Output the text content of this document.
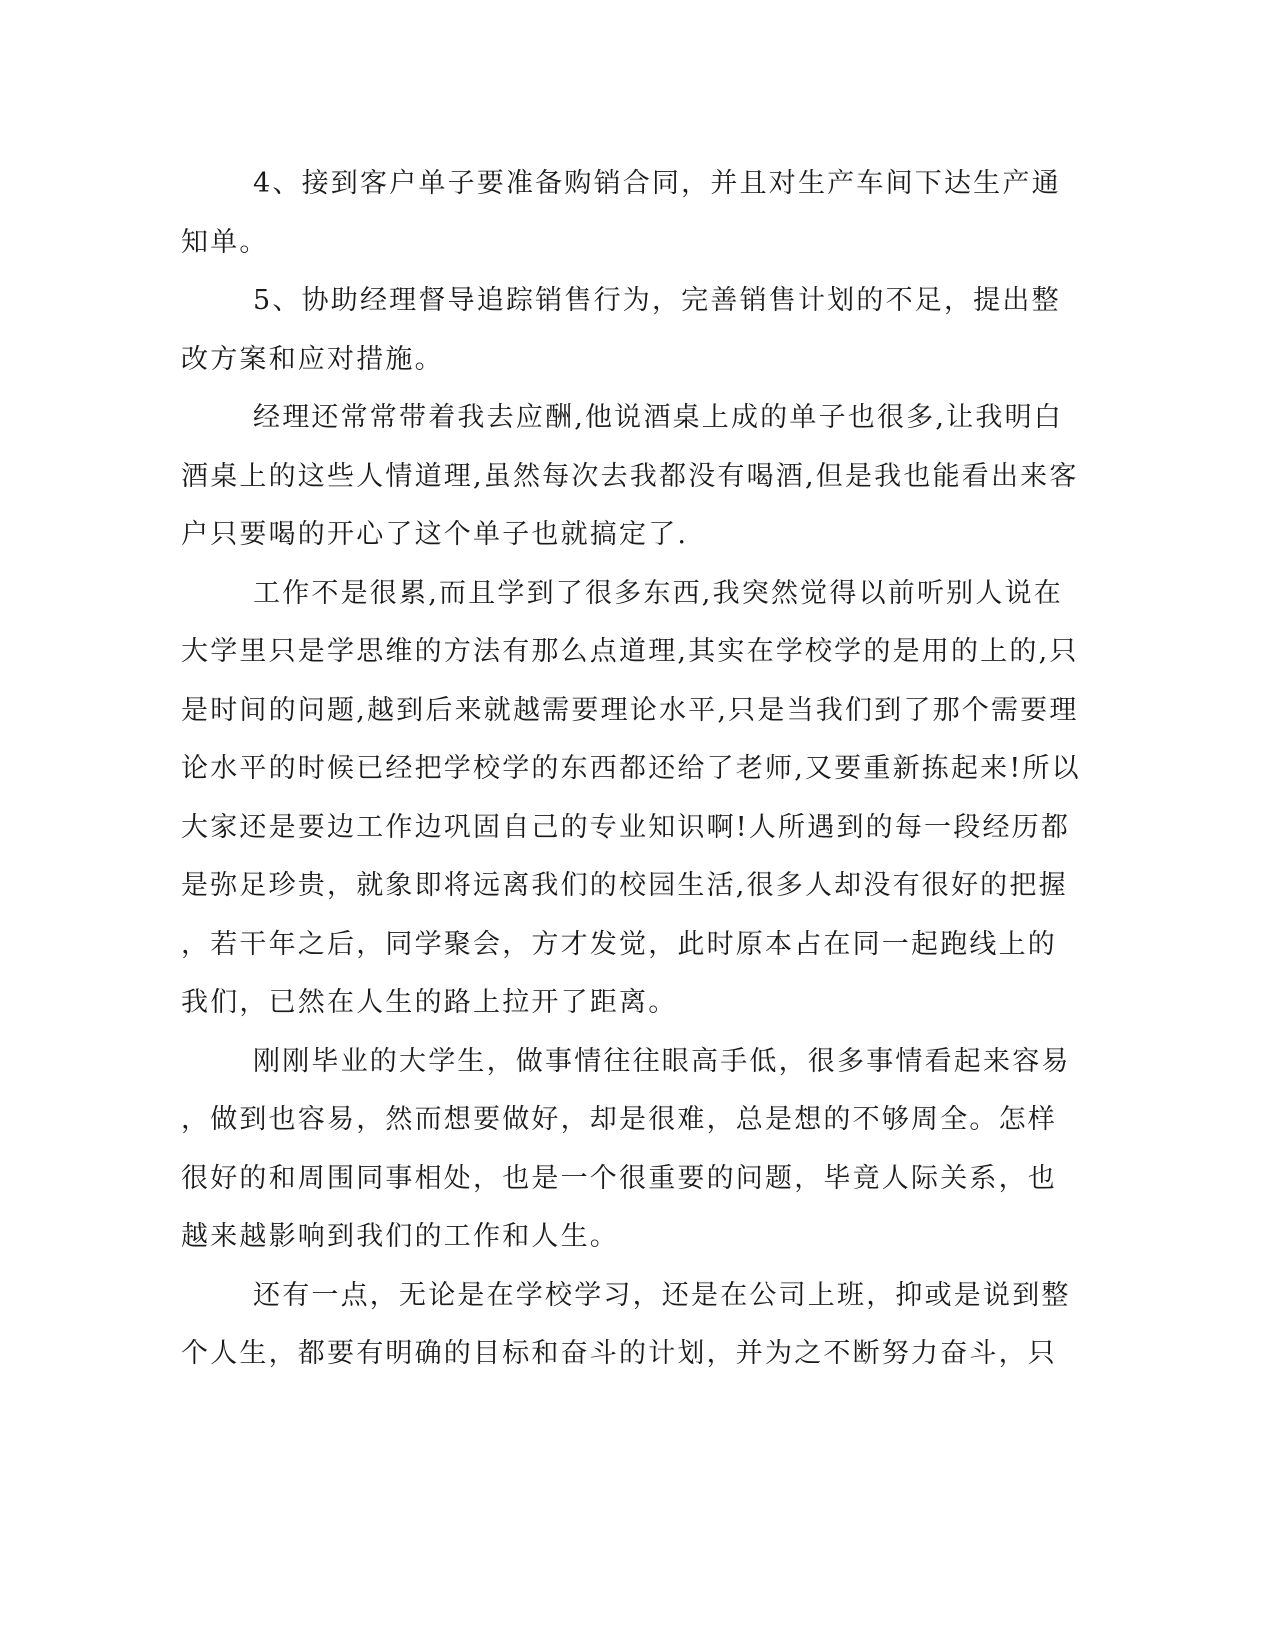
4、接到客户单子要准备购销合同，并且对生产车间下达生产通
知单。
5、协助经理督导追踪销售行为，完善销售计划的不足，提出整
改方案和应对措施。
经理还常常带着我去应酬,他说酒桌上成的单子也很多,让我明白
酒桌上的这些人情道理,虽然每次去我都没有喝酒,但是我也能看出来客
户只要喝的开心了这个单子也就搞定了.
工作不是很累,而且学到了很多东西,我突然觉得以前听别人说在
大学里只是学思维的方法有那么点道理,其实在学校学的是用的上的,只
是时间的问题,越到后来就越需要理论水平,只是当我们到了那个需要理
论水平的时候已经把学校学的东西都还给了老师,又要重新拣起来!所以
大家还是要边工作边巩固自己的专业知识啊!人所遇到的每一段经历都
是弥足珍贵，就象即将远离我们的校园生活,很多人却没有很好的把握
，若干年之后，同学聚会，方才发觉，此时原本占在同一起跑线上的
我们，已然在人生的路上拉开了距离。
刚刚毕业的大学生，做事情往往眼高手低，很多事情看起来容易
，做到也容易，然而想要做好，却是很难，总是想的不够周全。怎样
很好的和周围同事相处，也是一个很重要的问题，毕竟人际关系，也
越来越影响到我们的工作和人生。
还有一点，无论是在学校学习，还是在公司上班，抑或是说到整
个人生，都要有明确的目标和奋斗的计划，并为之不断努力奋斗，只
